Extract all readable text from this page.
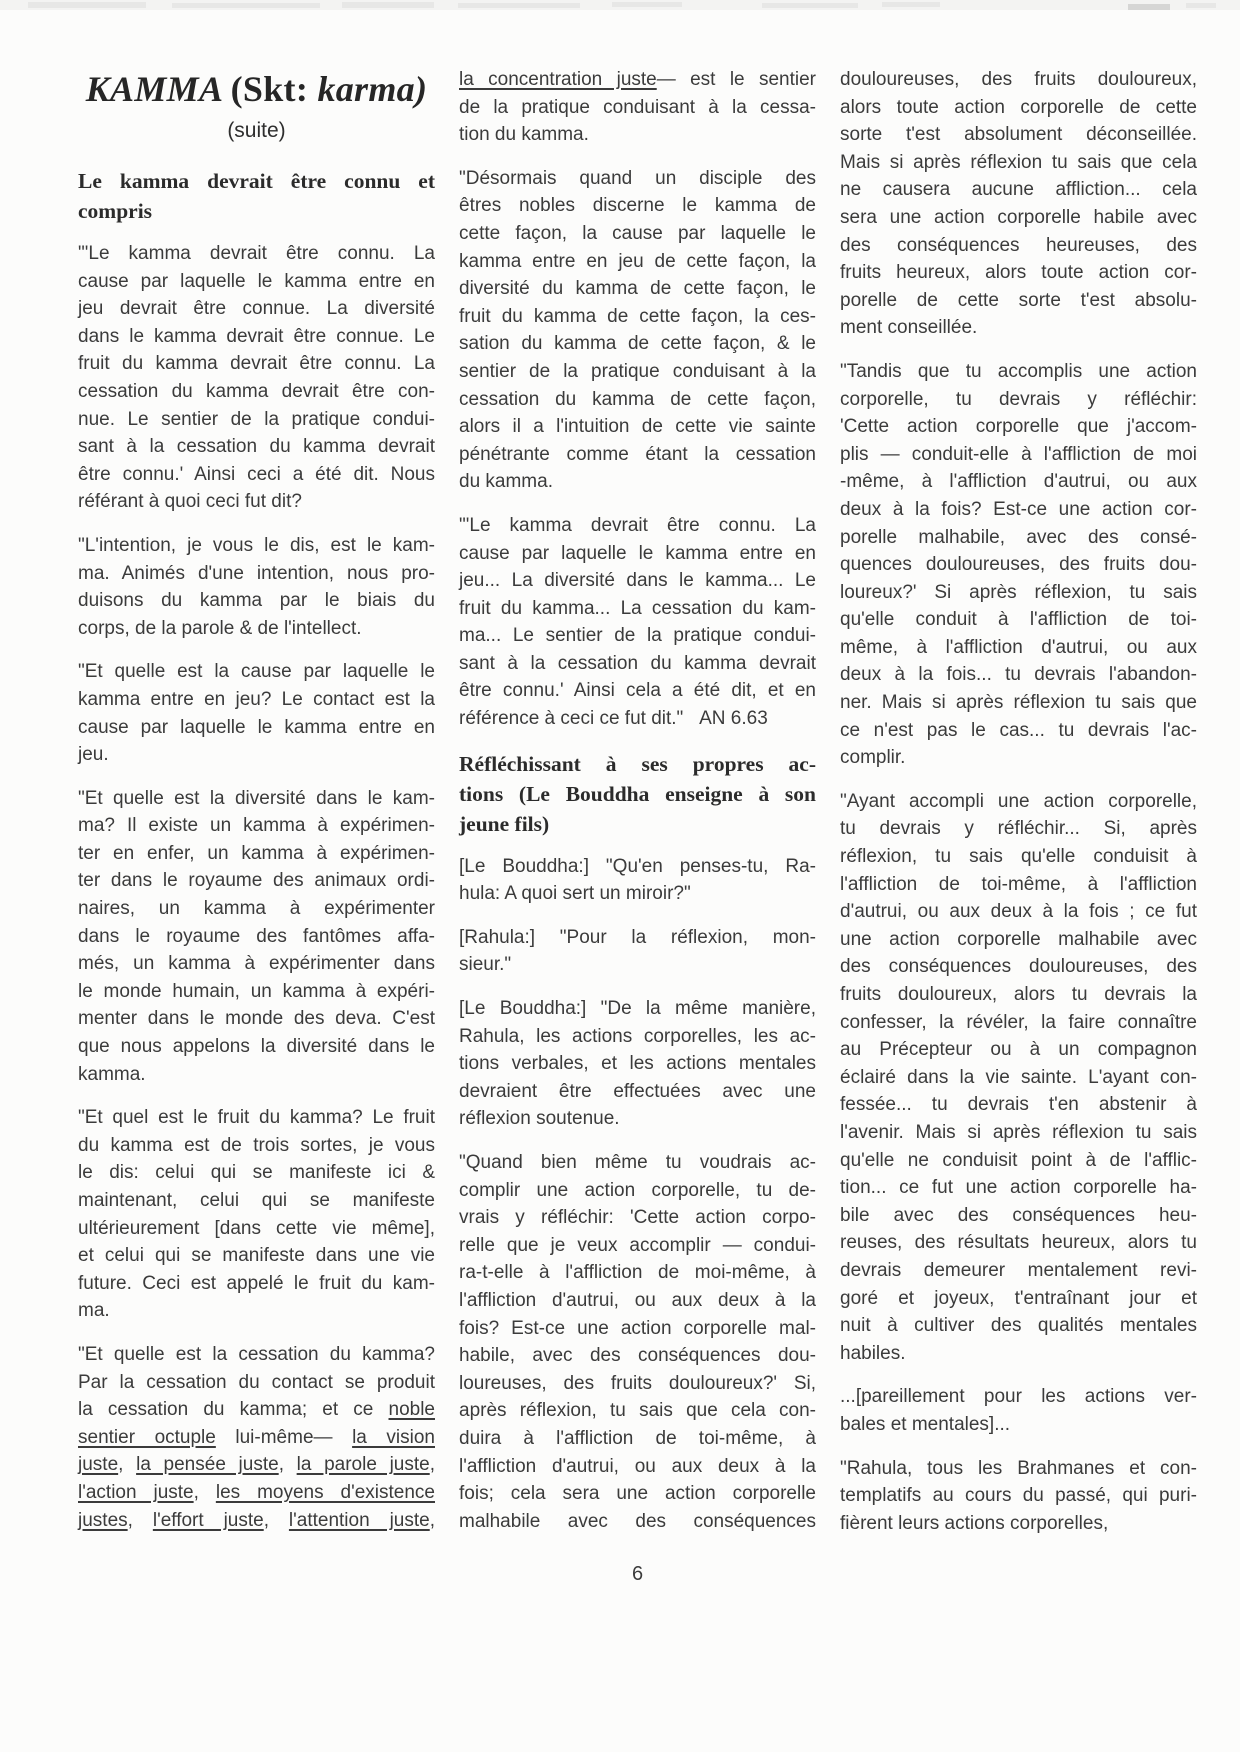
KAMMA (Skt: karma)
(suite)
Le kamma devrait être connu et
compris
"'Le kamma devrait être connu. La
cause par laquelle le kamma entre en
jeu devrait être connue. La diversité
dans le kamma devrait être connue. Le
fruit du kamma devrait être connu. La
cessation du kamma devrait être con-
nue. Le sentier de la pratique condui-
sant à la cessation du kamma devrait
être connu.' Ainsi ceci a été dit. Nous
référant à quoi ceci fut dit?
"L'intention, je vous le dis, est le kam-
ma. Animés d'une intention, nous pro-
duisons du kamma par le biais du
corps, de la parole & de l'intellect.
"Et quelle est la cause par laquelle le
kamma entre en jeu? Le contact est la
cause par laquelle le kamma entre en
jeu.
"Et quelle est la diversité dans le kam-
ma? Il existe un kamma à expérimen-
ter en enfer, un kamma à expérimen-
ter dans le royaume des animaux ordi-
naires, un kamma à expérimenter
dans le royaume des fantômes affa-
més, un kamma à expérimenter dans
le monde humain, un kamma à expéri-
menter dans le monde des deva. C'est
que nous appelons la diversité dans le
kamma.
"Et quel est le fruit du kamma? Le fruit
du kamma est de trois sortes, je vous
le dis: celui qui se manifeste ici &
maintenant, celui qui se manifeste
ultérieurement [dans cette vie même],
et celui qui se manifeste dans une vie
future. Ceci est appelé le fruit du kam-
ma.
"Et quelle est la cessation du kamma?
Par la cessation du contact se produit
la cessation du kamma; et ce noble
sentier octuple lui-même— la vision
juste, la pensée juste, la parole juste,
l'action juste, les moyens d'existence
justes, l'effort juste, l'attention juste,
la concentration juste— est le sentier
de la pratique conduisant à la cessa-
tion du kamma.
"Désormais quand un disciple des
êtres nobles discerne le kamma de
cette façon, la cause par laquelle le
kamma entre en jeu de cette façon, la
diversité du kamma de cette façon, le
fruit du kamma de cette façon, la ces-
sation du kamma de cette façon, & le
sentier de la pratique conduisant à la
cessation du kamma de cette façon,
alors il a l'intuition de cette vie sainte
pénétrante comme étant la cessation
du kamma.
"'Le kamma devrait être connu. La
cause par laquelle le kamma entre en
jeu... La diversité dans le kamma... Le
fruit du kamma... La cessation du kam-
ma... Le sentier de la pratique condui-
sant à la cessation du kamma devrait
être connu.' Ainsi cela a été dit, et en
référence à ceci ce fut dit."   AN 6.63
Réfléchissant à ses propres ac-
tions (Le Bouddha enseigne à son
jeune fils)
[Le Bouddha:] "Qu'en penses-tu, Ra-
hula: A quoi sert un miroir?"
[Rahula:] "Pour la réflexion, mon-
sieur."
[Le Bouddha:] "De la même manière,
Rahula, les actions corporelles, les ac-
tions verbales, et les actions mentales
devraient être effectuées avec une
réflexion soutenue.
"Quand bien même tu voudrais ac-
complir une action corporelle, tu de-
vrais y réfléchir: 'Cette action corpo-
relle que je veux accomplir — condui-
ra-t-elle à l'affliction de moi-même, à
l'affliction d'autrui, ou aux deux à la
fois? Est-ce une action corporelle mal-
habile, avec des conséquences dou-
loureuses, des fruits douloureux?' Si,
après réflexion, tu sais que cela con-
duira à l'affliction de toi-même, à
l'affliction d'autrui, ou aux deux à la
fois; cela sera une action corporelle
malhabile avec des conséquences
douloureuses, des fruits douloureux,
alors toute action corporelle de cette
sorte t'est absolument déconseillée.
Mais si après réflexion tu sais que cela
ne causera aucune affliction... cela
sera une action corporelle habile avec
des conséquences heureuses, des
fruits heureux, alors toute action cor-
porelle de cette sorte t'est absolu-
ment conseillée.
"Tandis que tu accomplis une action
corporelle, tu devrais y réfléchir:
'Cette action corporelle que j'accom-
plis — conduit-elle à l'affliction de moi
-même, à l'affliction d'autrui, ou aux
deux à la fois? Est-ce une action cor-
porelle malhabile, avec des consé-
quences douloureuses, des fruits dou-
loureux?' Si après réflexion, tu sais
qu'elle conduit à l'affliction de toi-
même, à l'affliction d'autrui, ou aux
deux à la fois... tu devrais l'abandon-
ner. Mais si après réflexion tu sais que
ce n'est pas le cas... tu devrais l'ac-
complir.
"Ayant accompli une action corporelle,
tu devrais y réfléchir... Si, après
réflexion, tu sais qu'elle conduisit à
l'affliction de toi-même, à l'affliction
d'autrui, ou aux deux à la fois ; ce fut
une action corporelle malhabile avec
des conséquences douloureuses, des
fruits douloureux, alors tu devrais la
confesser, la révéler, la faire connaître
au Précepteur ou à un compagnon
éclairé dans la vie sainte. L'ayant con-
fessée... tu devrais t'en abstenir à
l'avenir. Mais si après réflexion tu sais
qu'elle ne conduisit point à de l'afflic-
tion... ce fut une action corporelle ha-
bile avec des conséquences heu-
reuses, des résultats heureux, alors tu
devrais demeurer mentalement revi-
goré et joyeux, t'entraînant jour et
nuit à cultiver des qualités mentales
habiles.
...[pareillement pour les actions ver-
bales et mentales]...
"Rahula, tous les Brahmanes et con-
templatifs au cours du passé, qui puri-
fièrent leurs actions corporelles,
6
